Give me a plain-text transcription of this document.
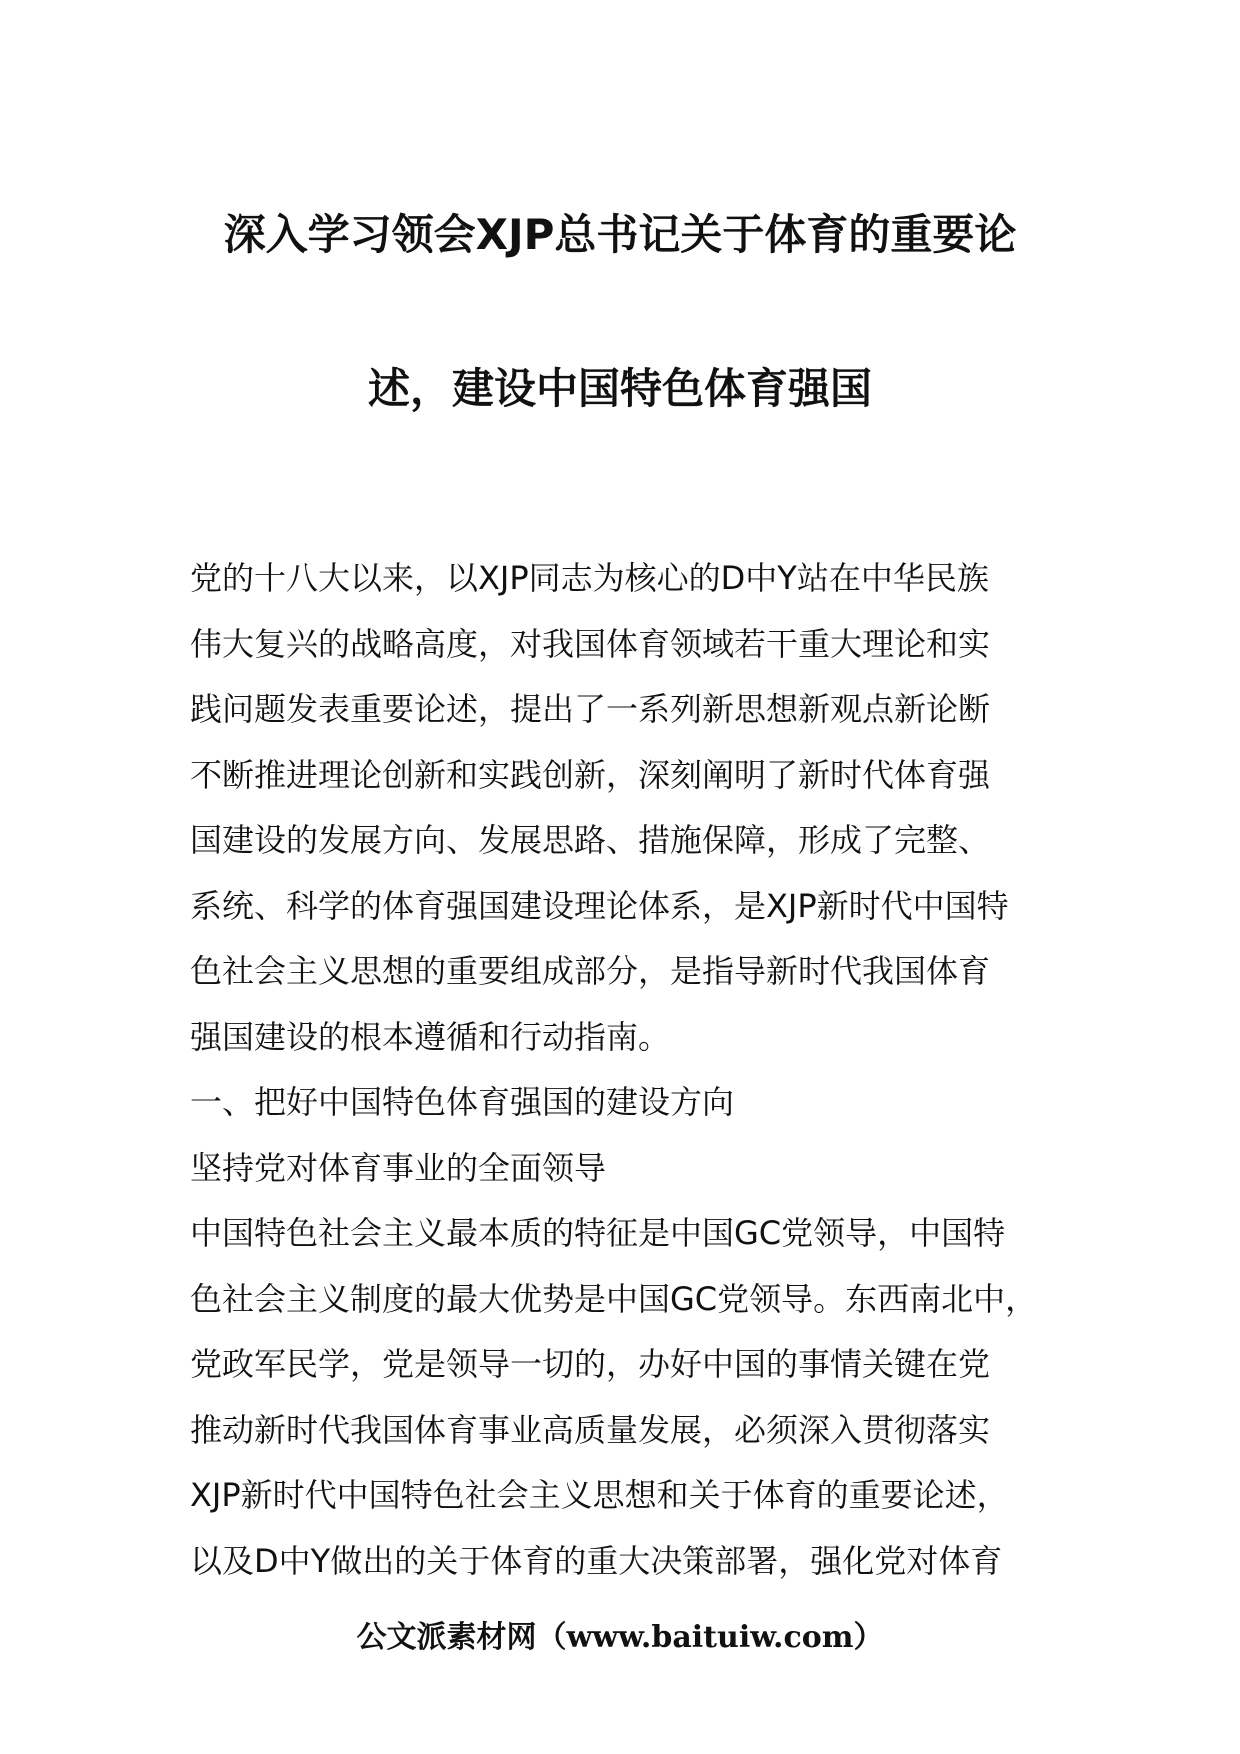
深入学习领会XJP总书记关于体育的重要论
述，建设中国特色体育强国
党的十八大以来，以XJP同志为核心的D中Y站在中华民族
伟大复兴的战略高度，对我国体育领域若干重大理论和实
践问题发表重要论述，提出了一系列新思想新观点新论断
不断推进理论创新和实践创新，深刻阐明了新时代体育强
国建设的发展方向、发展思路、措施保障，形成了完整、
系统、科学的体育强国建设理论体系，是XJP新时代中国特
色社会主义思想的重要组成部分，是指导新时代我国体育
强国建设的根本遵循和行动指南。
一、把好中国特色体育强国的建设方向
坚持党对体育事业的全面领导
中国特色社会主义最本质的特征是中国GC党领导，中国特
色社会主义制度的最大优势是中国GC党领导。东西南北中，
党政军民学，党是领导一切的，办好中国的事情关键在党
推动新时代我国体育事业高质量发展，必须深入贯彻落实
XJP新时代中国特色社会主义思想和关于体育的重要论述，
以及D中Y做出的关于体育的重大决策部署，强化党对体育
公文派素材网（www.baituiw.com）
